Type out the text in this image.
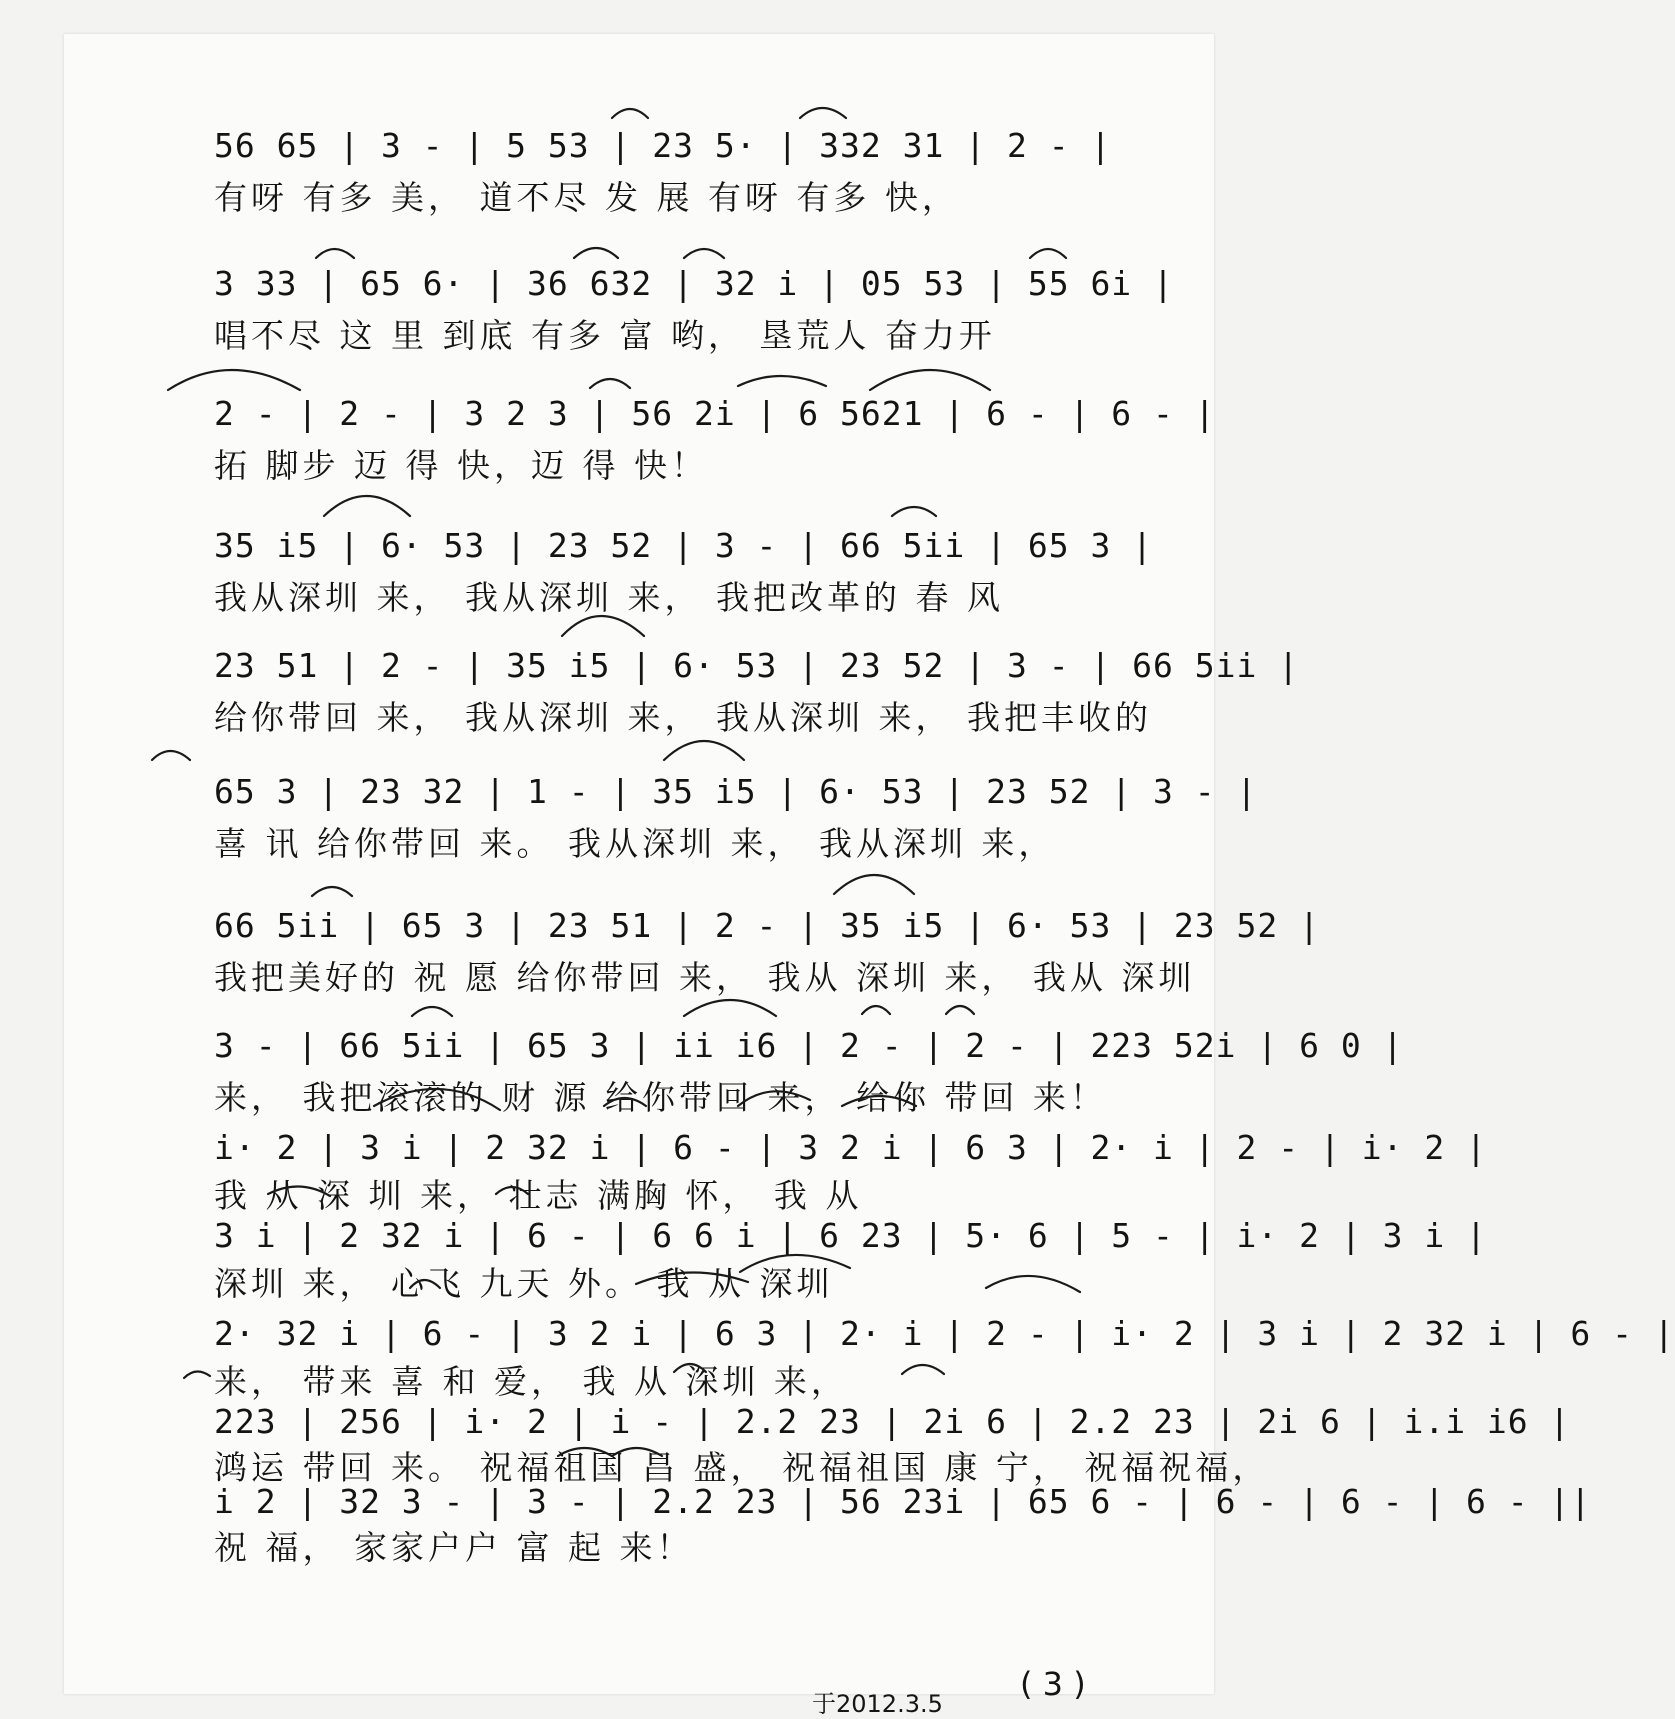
56 65 | 3 - | 5 53 | 23 5· | 332 31 | 2 - |
有呀 有多 美， 道不尽 发 展 有呀 有多 快，
3 33 | 65 6· | 36 632 | 32 i | 05 53 | 55 6i |
唱不尽 这 里 到底 有多 富 哟， 垦荒人 奋力开
2 - | 2 - | 3 2 3 | 56 2i | 6 5621 | 6 - | 6 - |
拓 脚步 迈 得 快，迈 得 快！
35 i5 | 6· 53 | 23 52 | 3 - | 66 5ii | 65 3 |
我从深圳 来， 我从深圳 来， 我把改革的 春 风
23 51 | 2 - | 35 i5 | 6· 53 | 23 52 | 3 - | 66 5ii |
给你带回 来， 我从深圳 来， 我从深圳 来， 我把丰收的
65 3 | 23 32 | 1 - | 35 i5 | 6· 53 | 23 52 | 3 - |
喜 讯 给你带回 来。 我从深圳 来， 我从深圳 来，
66 5ii | 65 3 | 23 51 | 2 - | 35 i5 | 6· 53 | 23 52 |
我把美好的 祝 愿 给你带回 来， 我从 深圳 来， 我从 深圳
3 - | 66 5ii | 65 3 | ii i6 | 2 - | 2 - | 223 52i | 6 0 |
来， 我把滚滚的 财 源 给你带回 来， 给你 带回 来！
i· 2 | 3 i | 2 32 i | 6 - | 3 2 i | 6 3 | 2· i | 2 - | i· 2 |
我 从 深 圳 来， 壮志 满胸 怀， 我 从
3 i | 2 32 i | 6 - | 6 6 i | 6 23 | 5· 6 | 5 - | i· 2 | 3 i |
深圳 来， 心飞 九天 外。 我 从 深圳
2· 32 i | 6 - | 3 2 i | 6 3 | 2· i | 2 - | i· 2 | 3 i | 2 32 i | 6 - |
来， 带来 喜 和 爱， 我 从 深圳 来，
223 | 256 | i· 2 | i - | 2.2 23 | 2i 6 | 2.2 23 | 2i 6 | i.i i6 |
鸿运 带回 来。 祝福祖国 昌 盛， 祝福祖国 康 宁， 祝福祝福，
i 2 | 32 3 - | 3 - | 2.2 23 | 56 23i | 65 6 - | 6 - | 6 - | 6 - ||
祝 福， 家家户户 富 起 来！
( 3 )
于2012.3.5
